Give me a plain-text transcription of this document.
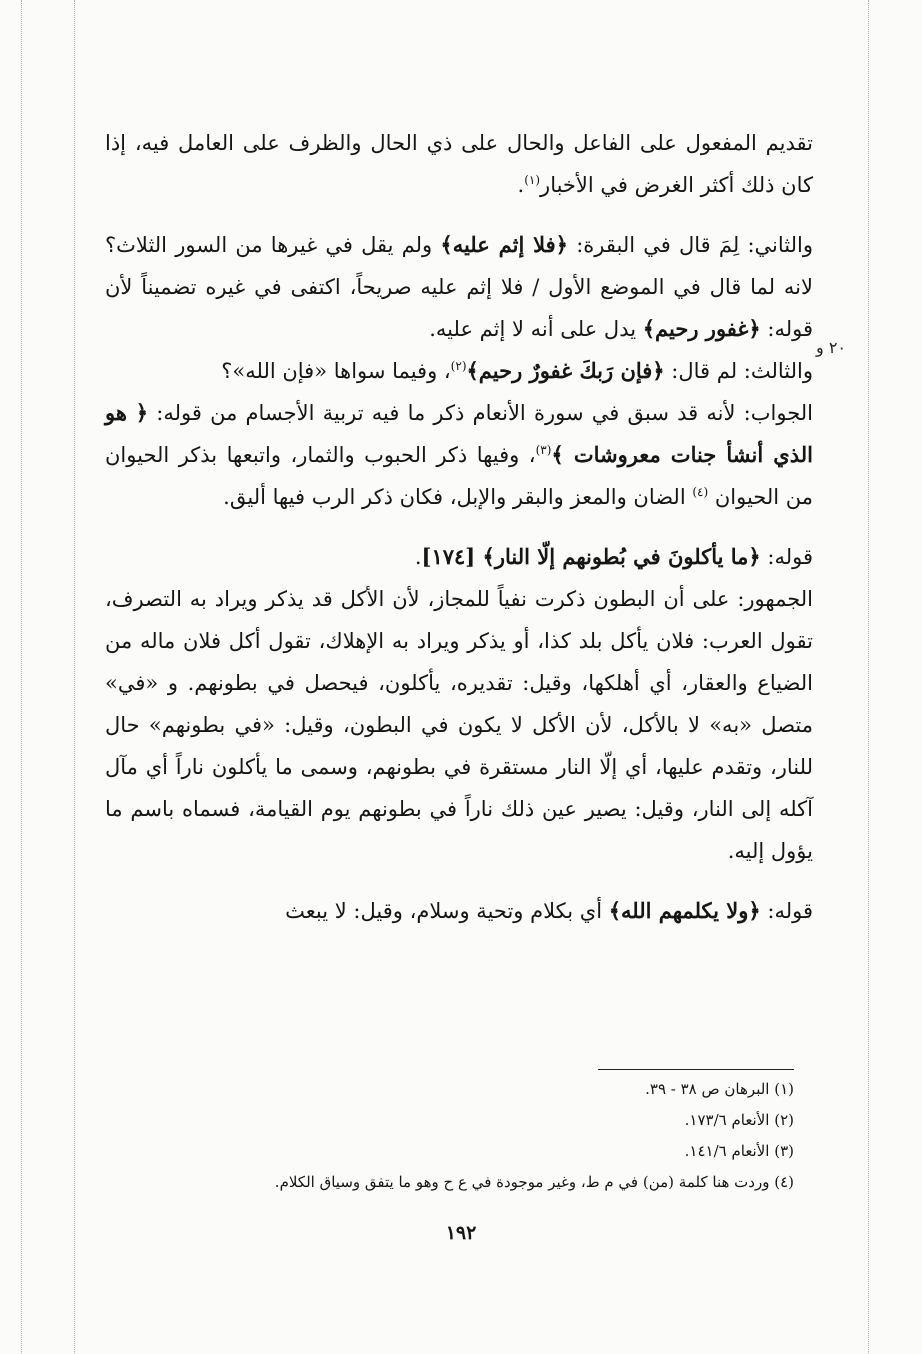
٢٠ و

تقديم المفعول على الفاعل والحال على ذي الحال والظرف على العامل فيه، إذا كان ذلك أكثر الغرض في الأخبار$^{(١)}$.

والثاني: لِمَ قال في البقرة: ﴿فلا إثم عليه﴾ ولم يقل في غيرها من السور الثلاث؟ لانه لما قال في الموضع الأول / فلا إثم عليه صريحاً، اكتفى في غيره تضميناً لأن قوله: ﴿غفور رحيم﴾ يدل على أنه لا إثم عليه.

والثالث: لم قال: ﴿فإن رَبكَ غفورٌ رحيم﴾$^{(٢)}$، وفيما سواها «فإن الله»؟

الجواب: لأنه قد سبق في سورة الأنعام ذكر ما فيه تربية الأجسام من قوله: ﴿ هو الذي أنشأ جنات معروشات ﴾$^{(٣)}$، وفيها ذكر الحبوب والثمار، واتبعها بذكر الحيوان من الحيوان $^{(٤)}$ الضان والمعز والبقر والإبل، فكان ذكر الرب فيها أليق.

قوله: ﴿ما يأكلونَ في بُطونهم إلّا النار﴾ [١٧٤].

الجمهور: على أن البطون ذكرت نفياً للمجاز، لأن الأكل قد يذكر ويراد به التصرف، تقول العرب: فلان يأكل بلد كذا، أو يذكر ويراد به الإهلاك، تقول أكل فلان ماله من الضياع والعقار، أي أهلكها، وقيل: تقديره، يأكلون، فيحصل في بطونهم. و «في» متصل «به» لا بالأكل، لأن الأكل لا يكون في البطون، وقيل: «في بطونهم» حال للنار، وتقدم عليها، أي إلّا النار مستقرة في بطونهم، وسمى ما يأكلون ناراً أي مآل آكله إلى النار، وقيل: يصير عين ذلك ناراً في بطونهم يوم القيامة، فسماه باسم ما يؤول إليه.

قوله: ﴿ولا يكلمهم الله﴾ أي بكلام وتحية وسلام، وقيل: لا يبعث

(١) البرهان ص ٣٨ - ٣٩.

(٢) الأنعام ١٧٣/٦.

(٣) الأنعام ١٤١/٦.

(٤) وردت هنا كلمة (من) في م ط، وغير موجودة في ع ح وهو ما يتفق وسياق الكلام.

١٩٢
